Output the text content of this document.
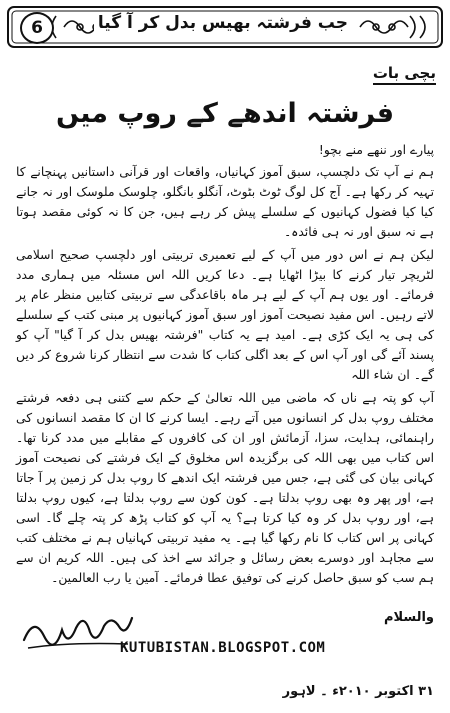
6	جب فرشتہ بھیس بدل کر آ گیا
بچی بات
فرشتہ اندھے کے روپ میں

پیارے اور ننھے منے بچو!

ہم نے آپ تک دلچسپ، سبق آموز کہانیاں، واقعات اور قرآنی داستانیں پہنچانے کا تہیہ کر رکھا ہے۔ آج کل لوگ ٹوٹ بٹوٹ، آنگلو بانگلو، چلوسک ملوسک اور نہ جانے کیا کیا فضول کہانیوں کے سلسلے پیش کر رہے ہیں، جن کا نہ کوئی مقصد ہوتا ہے نہ سبق اور نہ ہی فائدہ۔

لیکن ہم نے اس دور میں آپ کے لیے تعمیری تربیتی اور دلچسپ صحیح اسلامی لٹریچر تیار کرنے کا بیڑا اٹھایا ہے۔ دعا کریں اللہ اس مسئلہ میں ہماری مدد فرمائے۔ اور یوں ہم آپ کے لیے ہر ماہ باقاعدگی سے تربیتی کتابیں منظر عام پر لاتے رہیں۔ اس مفید نصیحت آموز اور سبق آموز کہانیوں پر مبنی کتب کے سلسلے کی ہی یہ ایک کڑی ہے۔ امید ہے یہ کتاب "فرشتہ بھیس بدل کر آ گیا" آپ کو پسند آئے گی اور آپ اس کے بعد اگلی کتاب کا شدت سے انتظار کرنا شروع کر دیں گے۔ ان شاء اللہ

آپ کو پتہ ہے ناں کہ ماضی میں اللہ تعالیٰ کے حکم سے کتنی ہی دفعہ فرشتے مختلف روپ بدل کر انسانوں میں آتے رہے۔ ایسا کرنے کا ان کا مقصد انسانوں کی راہنمائی، ہدایت، سزا، آزمائش اور ان کی کافروں کے مقابلے میں مدد کرنا تھا۔ اس کتاب میں بھی اللہ کی برگزیدہ اس مخلوق کے ایک فرشتے کی نصیحت آموز کہانی بیان کی گئی ہے، جس میں فرشتہ ایک اندھے کا روپ بدل کر زمین پر آ جاتا ہے، اور پھر وہ بھی روپ بدلتا ہے۔ کون کون سے روپ بدلتا ہے، کیوں روپ بدلتا ہے، اور روپ بدل کر وہ کیا کرتا ہے؟ یہ آپ کو کتاب پڑھ کر پتہ چلے گا۔ اسی کہانی پر اس کتاب کا نام رکھا گیا ہے۔ یہ مفید تربیتی کہانیاں ہم نے مختلف کتب سے مجاہد اور دوسرے بعض رسائل و جرائد سے اخذ کی ہیں۔ اللہ کریم ان سے ہم سب کو سبق حاصل کرنے کی توفیق عطا فرمائے۔ آمین یا رب العالمین۔

والسلام
KUTUBISTAN.BLOGSPOT.COM
۳۱ اکتوبر ۲۰۱۰ء ۔ لاہور
